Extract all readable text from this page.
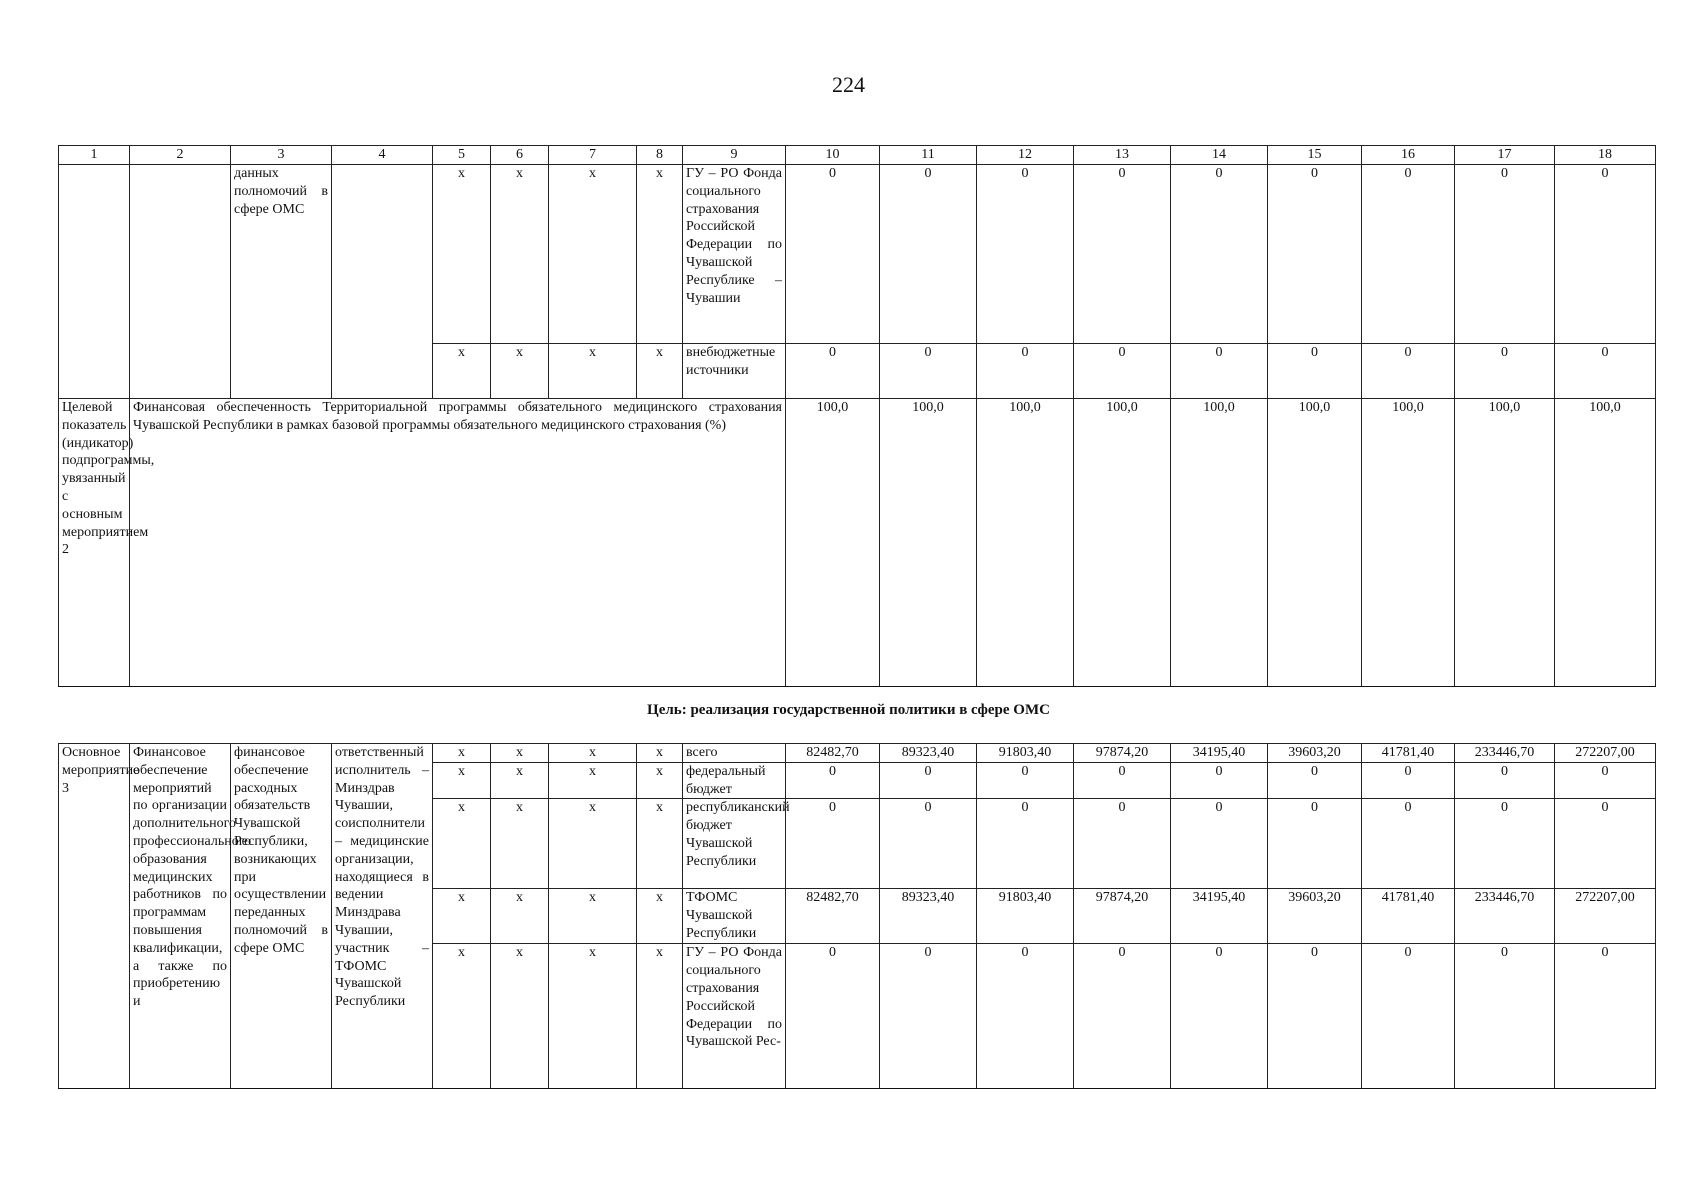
224
1	2	3	4	5	6	7	8	9	10	11	12	13	14	15	16	17	18
		данных полномочий в сфере ОМС		x	x	x	x	ГУ – РО Фонда социального страхования Российской Федерации по Чувашской Республике – Чувашии	0	0	0	0	0	0	0	0	0
				x	x	x	x	внебюджетные источники	0	0	0	0	0	0	0	0	0
Целевой показатель (индикатор) подпрограммы, увязанный с основным мероприятием 2	Финансовая обеспеченность Территориальной программы обязательного медицинского страхования Чувашской Республики в рамках базовой программы обязательного медицинского страхования (%)								100,0	100,0	100,0	100,0	100,0	100,0	100,0	100,0	100,0
Цель: реализация государственной политики в сфере ОМС
Основное мероприятие 3	Финансовое обеспечение мероприятий по организации дополнительного профессионального образования медицинских работников по программам повышения квалификации, а также по приобретению и	финансовое обеспечение расходных обязательств Чувашской Республики, возникающих при осуществлении переданных полномочий в сфере ОМС	ответственный исполнитель – Минздрав Чувашии, соисполнители – медицинские организации, находящиеся в ведении Минздрава Чувашии, участник – ТФОМС Чувашской Республики	x	x	x	x	всего	82482,70	89323,40	91803,40	97874,20	34195,40	39603,20	41781,40	233446,70	272207,00
				x	x	x	x	федеральный бюджет	0	0	0	0	0	0	0	0	0
				x	x	x	x	республиканский бюджет Чувашской Республики	0	0	0	0	0	0	0	0	0
				x	x	x	x	ТФОМС Чувашской Республики	82482,70	89323,40	91803,40	97874,20	34195,40	39603,20	41781,40	233446,70	272207,00
				x	x	x	x	ГУ – РО Фонда социального страхования Российской Федерации по Чувашской Рес-	0	0	0	0	0	0	0	0	0
